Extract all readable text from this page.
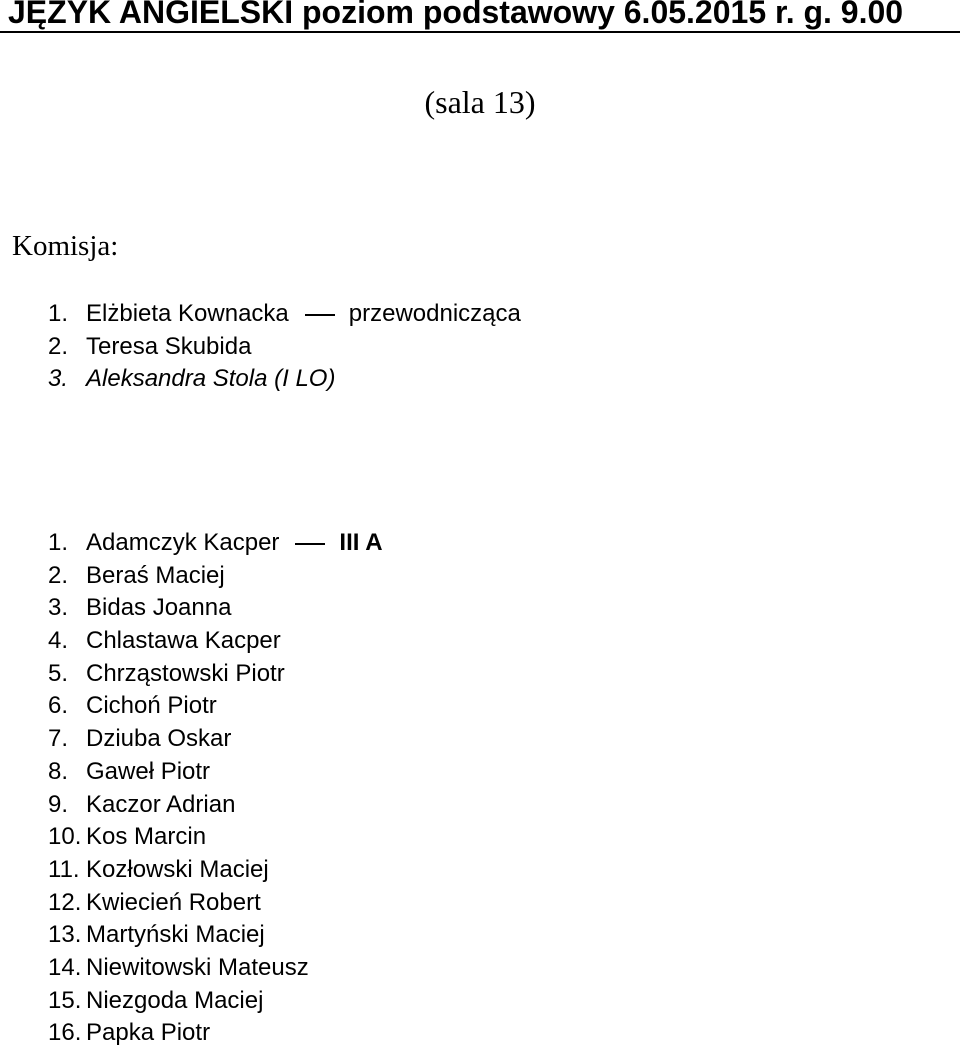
JĘZYK ANGIELSKI poziom podstawowy 6.05.2015 r. g. 9.00
(sala 13)
Komisja:
1. Elżbieta Kownacka	przewodnicząca
2. Teresa Skubida
3. Aleksandra Stola (I LO)
1. Adamczyk Kacper	III A
2. Beraś Maciej
3. Bidas Joanna
4. Chlastawa Kacper
5. Chrząstowski Piotr
6. Cichoń Piotr
7. Dziuba Oskar
8. Gaweł Piotr
9. Kaczor Adrian
10. Kos Marcin
11. Kozłowski Maciej
12. Kwiecień Robert
13. Martyński Maciej
14. Niewitowski Mateusz
15. Niezgoda Maciej
16. Papka Piotr
